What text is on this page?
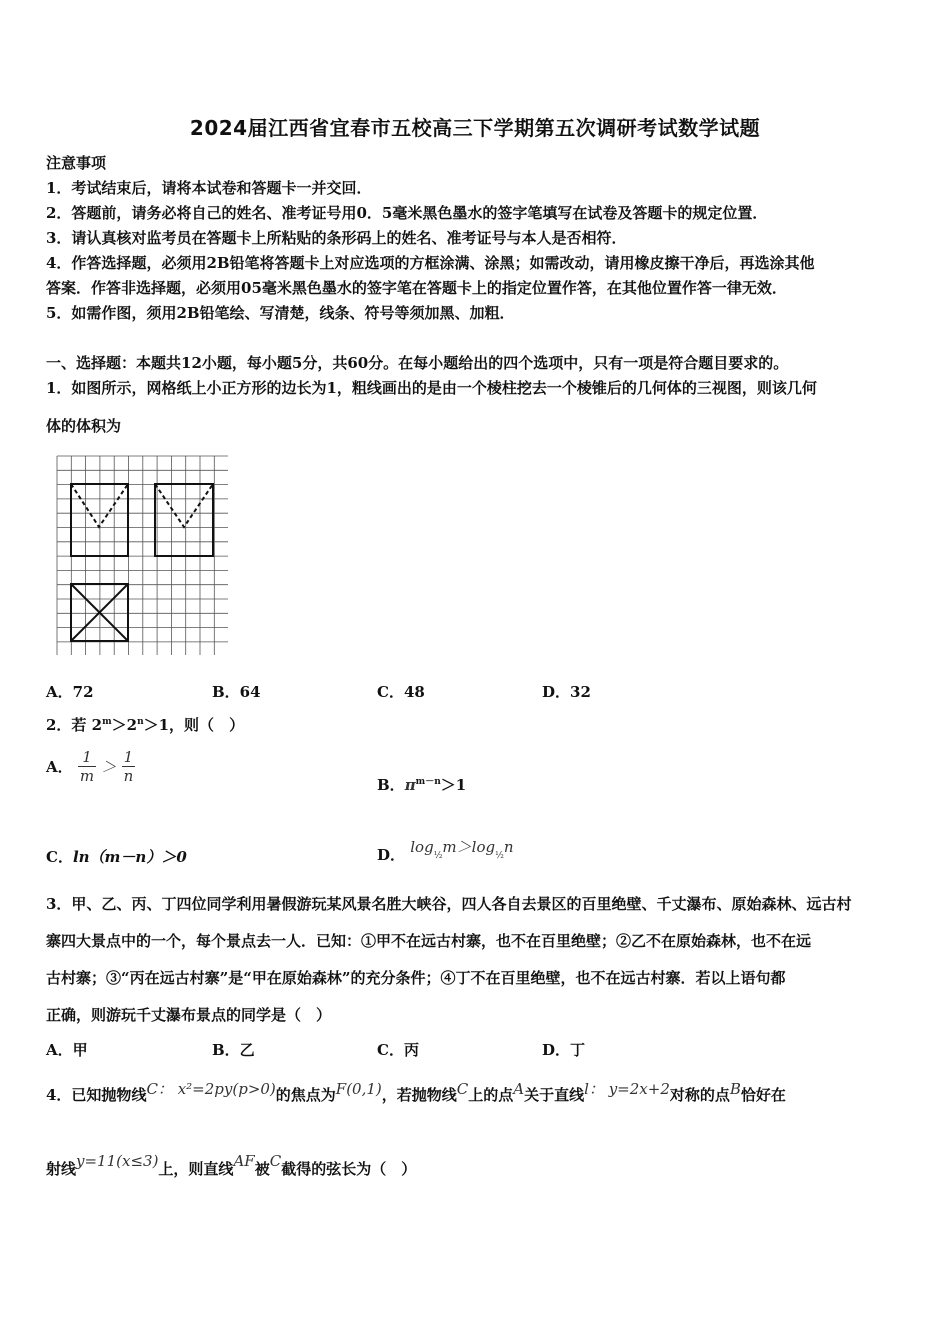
2024届江西省宜春市五校高三下学期第五次调研考试数学试题
注意事项
1．考试结束后，请将本试卷和答题卡一并交回．
2．答题前，请务必将自己的姓名、准考证号用0．5毫米黑色墨水的签字笔填写在试卷及答题卡的规定位置．
3．请认真核对监考员在答题卡上所粘贴的条形码上的姓名、准考证号与本人是否相符．
4．作答选择题，必须用2B铅笔将答题卡上对应选项的方框涂满、涂黑；如需改动，请用橡皮擦干净后，再选涂其他
答案．作答非选择题，必须用05毫米黑色墨水的签字笔在答题卡上的指定位置作答，在其他位置作答一律无效．
5．如需作图，须用2B铅笔绘、写清楚，线条、符号等须加黑、加粗．
一、选择题：本题共12小题，每小题5分，共60分。在每小题给出的四个选项中，只有一项是符合题目要求的。
1．如图所示，网格纸上小正方形的边长为1，粗线画出的是由一个棱柱挖去一个棱锥后的几何体的三视图，则该几何
体的体积为
A．72	B．64	C．48	D．32
2．若 $2^m>2^n>1$，则（　）
A． $\frac{1}{m} > \frac{1}{n}$	B．$\pi^{m-n}>1$
C．ln（m－n）＞0	D． $\log_{\frac{1}{2}}m>\log_{\frac{1}{2}}n$
3．甲、乙、丙、丁四位同学利用暑假游玩某风景名胜大峡谷，四人各自去景区的百里绝壁、千丈瀑布、原始森林、远古村
寨四大景点中的一个，每个景点去一人．已知：①甲不在远古村寨，也不在百里绝壁；②乙不在原始森林，也不在远
古村寨；③“丙在远古村寨”是“甲在原始森林”的充分条件；④丁不在百里绝壁，也不在远古村寨．若以上语句都
正确，则游玩千丈瀑布景点的同学是（　）
A．甲	B．乙	C．丙	D．丁
4．已知抛物线C： x²=2py(p>0)的焦点为F(0,1)，若抛物线C上的点A关于直线l： y=2x+2对称的点B恰好在
射线y=11(x≤3)上，则直线AF被C截得的弦长为（　）
